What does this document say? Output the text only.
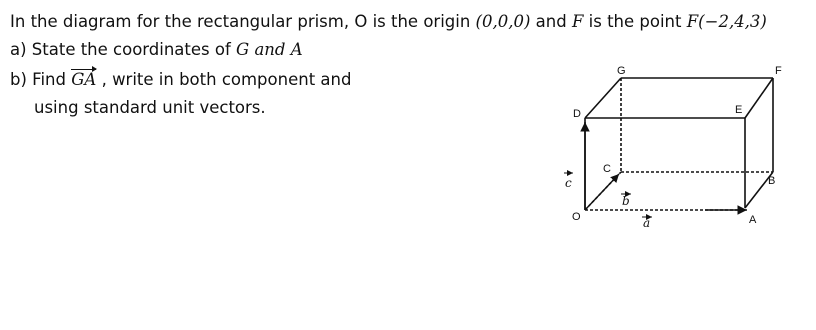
In the diagram for the rectangular prism, O is the origin (0,0,0) and F is the point F(−2,4,3)
a) State the coordinates of G and A
b) Find GA , write in both component and
using standard unit vectors.
G	F
D	E
C
B
A
O
c
b
a
